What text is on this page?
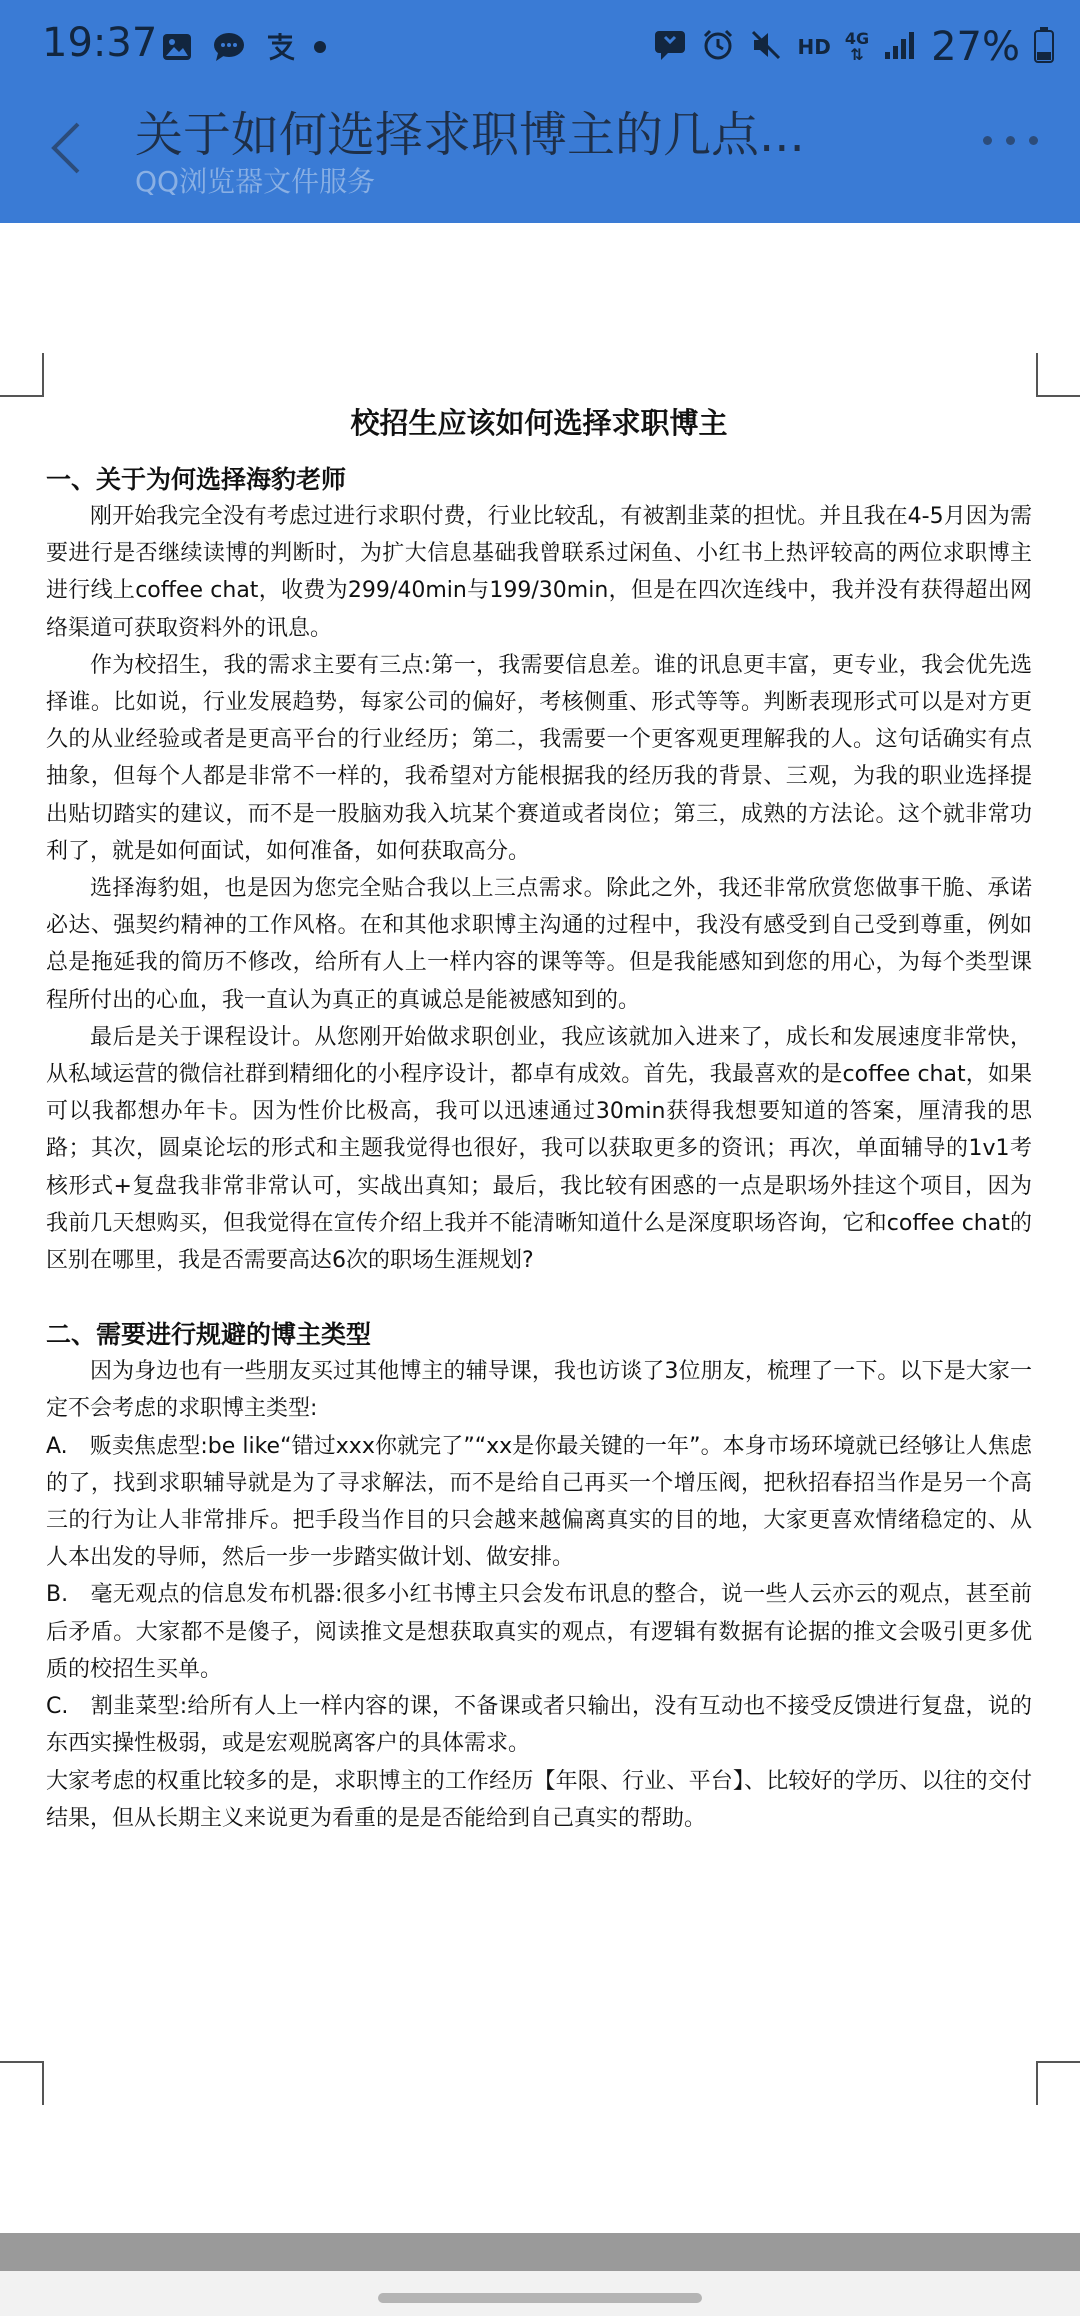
19:37	HD 4G
⇅ 27%
关于如何选择求职博主的几点...
QQ浏览器文件服务
校招生应该如何选择求职博主
一、关于为何选择海豹老师

刚开始我完全没有考虑过进行求职付费，行业比较乱，有被割韭菜的担忧。并且我在4-5月因为需要进行是否继续读博的判断时，为扩大信息基础我曾联系过闲鱼、小红书上热评较高的两位求职博主进行线上coffee chat，收费为299/40min与199/30min，但是在四次连线中，我并没有获得超出网络渠道可获取资料外的讯息。

作为校招生，我的需求主要有三点:第一，我需要信息差。谁的讯息更丰富，更专业，我会优先选择谁。比如说，行业发展趋势，每家公司的偏好，考核侧重、形式等等。判断表现形式可以是对方更久的从业经验或者是更高平台的行业经历；第二，我需要一个更客观更理解我的人。这句话确实有点抽象，但每个人都是非常不一样的，我希望对方能根据我的经历我的背景、三观，为我的职业选择提出贴切踏实的建议，而不是一股脑劝我入坑某个赛道或者岗位；第三，成熟的方法论。这个就非常功利了，就是如何面试，如何准备，如何获取高分。

选择海豹姐，也是因为您完全贴合我以上三点需求。除此之外，我还非常欣赏您做事干脆、承诺必达、强契约精神的工作风格。在和其他求职博主沟通的过程中，我没有感受到自己受到尊重，例如总是拖延我的简历不修改，给所有人上一样内容的课等等。但是我能感知到您的用心，为每个类型课程所付出的心血，我一直认为真正的真诚总是能被感知到的。

最后是关于课程设计。从您刚开始做求职创业，我应该就加入进来了，成长和发展速度非常快，从私域运营的微信社群到精细化的小程序设计，都卓有成效。首先，我最喜欢的是coffee chat，如果可以我都想办年卡。因为性价比极高，我可以迅速通过30min获得我想要知道的答案，厘清我的思路；其次，圆桌论坛的形式和主题我觉得也很好，我可以获取更多的资讯；再次，单面辅导的1v1考核形式+复盘我非常非常认可，实战出真知；最后，我比较有困惑的一点是职场外挂这个项目，因为我前几天想购买，但我觉得在宣传介绍上我并不能清晰知道什么是深度职场咨询，它和coffee chat的区别在哪里，我是否需要高达6次的职场生涯规划?

二、需要进行规避的博主类型

因为身边也有一些朋友买过其他博主的辅导课，我也访谈了3位朋友，梳理了一下。以下是大家一定不会考虑的求职博主类型:

A.　贩卖焦虑型:be like“错过xxx你就完了”“xx是你最关键的一年”。本身市场环境就已经够让人焦虑的了，找到求职辅导就是为了寻求解法，而不是给自己再买一个增压阀，把秋招春招当作是另一个高三的行为让人非常排斥。把手段当作目的只会越来越偏离真实的目的地，大家更喜欢情绪稳定的、从人本出发的导师，然后一步一步踏实做计划、做安排。

B.　毫无观点的信息发布机器:很多小红书博主只会发布讯息的整合，说一些人云亦云的观点，甚至前后矛盾。大家都不是傻子，阅读推文是想获取真实的观点，有逻辑有数据有论据的推文会吸引更多优质的校招生买单。

C.　割韭菜型:给所有人上一样内容的课，不备课或者只输出，没有互动也不接受反馈进行复盘，说的东西实操性极弱，或是宏观脱离客户的具体需求。

大家考虑的权重比较多的是，求职博主的工作经历【年限、行业、平台】、比较好的学历、以往的交付结果，但从长期主义来说更为看重的是是否能给到自己真实的帮助。
